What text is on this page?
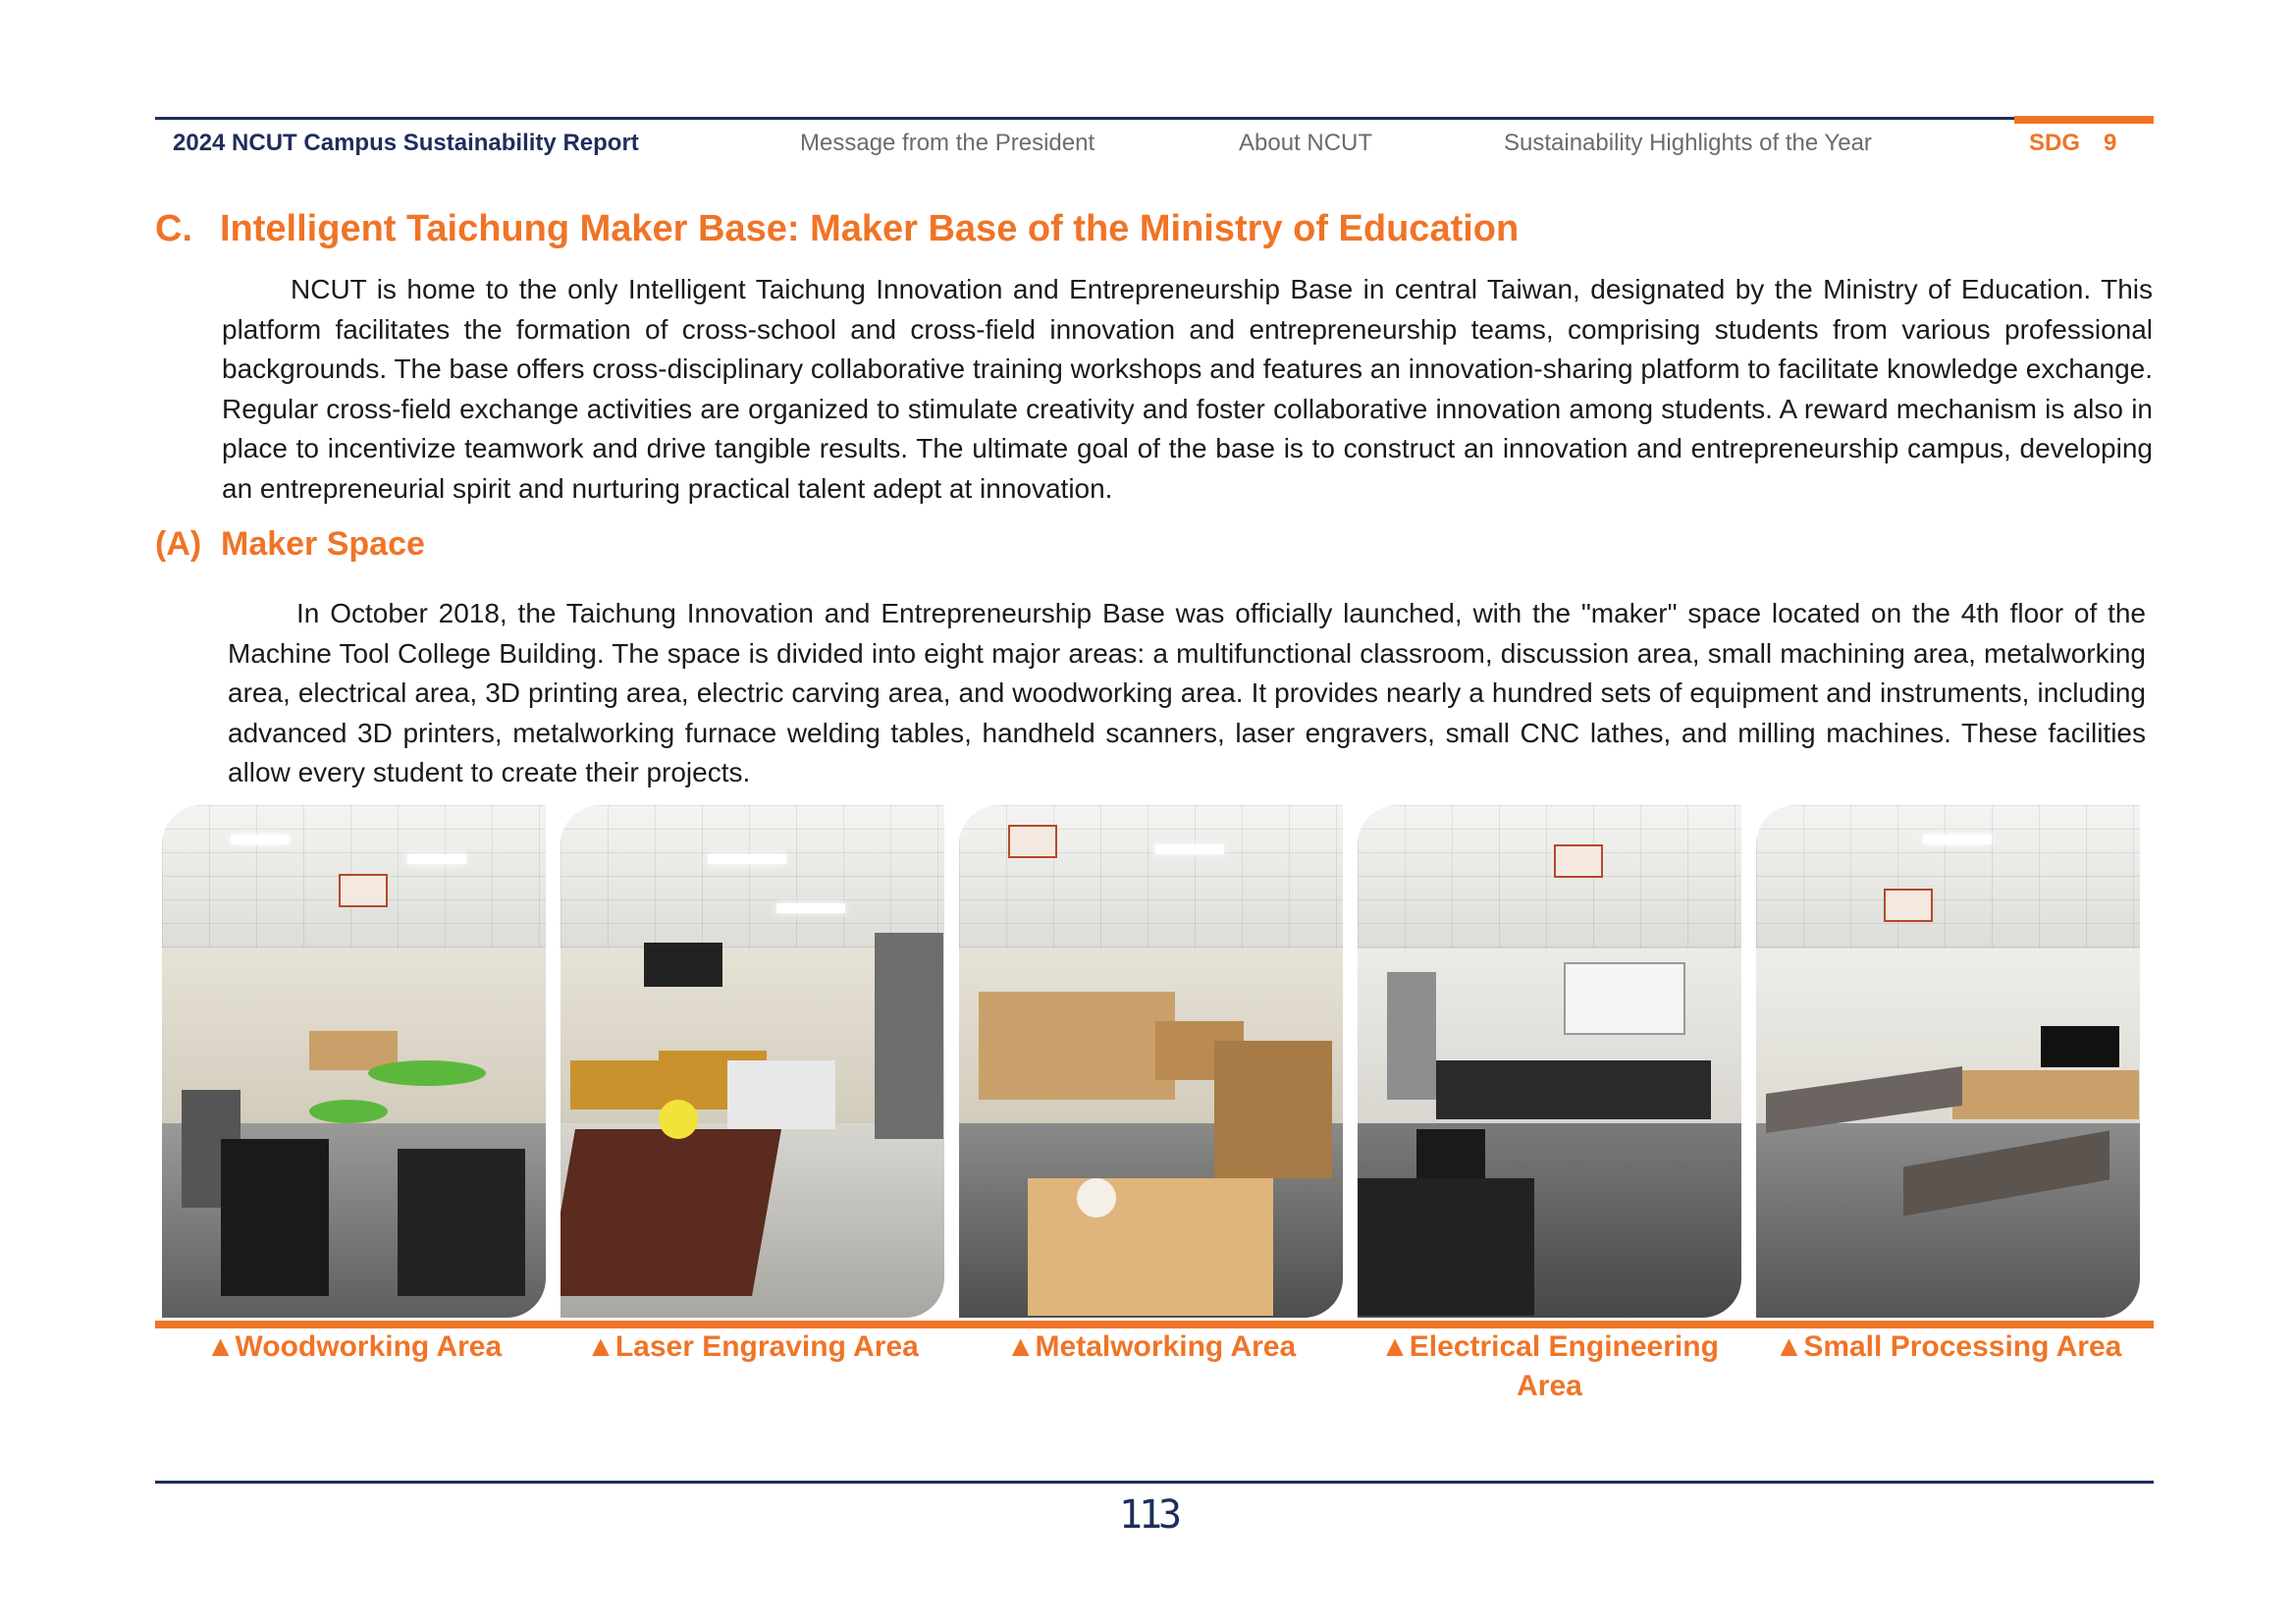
2024 NCUT Campus Sustainability Report	Message from the President	About NCUT	Sustainability Highlights of the Year	SDG 9
C. Intelligent Taichung Maker Base: Maker Base of the Ministry of Education
NCUT is home to the only Intelligent Taichung Innovation and Entrepreneurship Base in central Taiwan, designated by the Ministry of Education. This platform facilitates the formation of cross-school and cross-field innovation and entrepreneurship teams, comprising students from various professional backgrounds. The base offers cross-disciplinary collaborative training workshops and features an innovation-sharing platform to facilitate knowledge exchange. Regular cross-field exchange activities are organized to stimulate creativity and foster collaborative innovation among students. A reward mechanism is also in place to incentivize teamwork and drive tangible results. The ultimate goal of the base is to construct an innovation and entrepreneurship campus, developing an entrepreneurial spirit and nurturing practical talent adept at innovation.
(A) Maker Space
In October 2018, the Taichung Innovation and Entrepreneurship Base was officially launched, with the "maker" space located on the 4th floor of the Machine Tool College Building. The space is divided into eight major areas: a multifunctional classroom, discussion area, small machining area, metalworking area, electrical area, 3D printing area, electric carving area, and woodworking area. It provides nearly a hundred sets of equipment and instruments, including advanced 3D printers, metalworking furnace welding tables, handheld scanners, laser engravers, small CNC lathes, and milling machines. These facilities allow every student to create their projects.
▲Woodworking Area	▲Laser Engraving Area	▲Metalworking Area	▲Electrical Engineering Area
▲Small Processing Area
113
